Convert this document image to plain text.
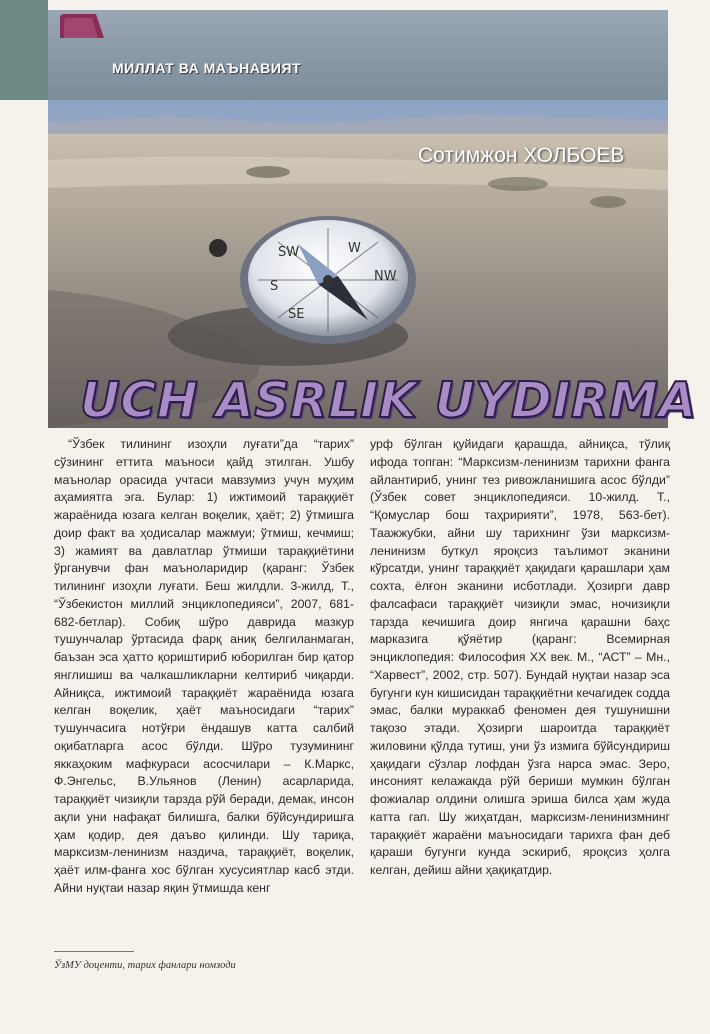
МИЛЛАТ ВА МАЪНАВИЯТ
SW	W
S
SE
NW
Сотимжон ХОЛБОЕВ
UCH ASRLIK UYDIRMA

“Ўзбек тилининг изоҳли луғати”да “тарих” сўзининг еттита маъноси қайд этилган. Ушбу маънолар орасида учтаси мавзумиз учун муҳим аҳамиятга эга. Булар: 1) ижтимоий тараққиёт жараёнида юзага келган воқелик, ҳаёт; 2) ўтмишга доир факт ва ҳодисалар мажмуи; ўтмиш, кечмиш; 3) жамият ва давлатлар ўтмиши тараққиётини ўрганувчи фан маъноларидир (қаранг: Ўзбек тилининг изоҳли луғати. Беш жилдли. 3-жилд, Т., “Ўзбекистон миллий энциклопедияси”, 2007, 681-682-бетлар). Собиқ шўро даврида мазкур тушунчалар ўртасида фарқ аниқ белгиланмаган, баъзан эса ҳатто қориштириб юборилган бир қатор янглишиш ва чалкашликларни келтириб чиқарди. Айниқса, ижтимоий тараққиёт жараёнида юзага келган воқелик, ҳаёт маъносидаги “тарих” тушунчасига нотўғри ёндашув катта салбий оқибатларга асос бўлди. Шўро тузумининг яккаҳоким мафкураси асосчилари – К.Маркс, Ф.Энгельс, В.Ульянов (Ленин) асарларида, тараққиёт чизиқли тарзда рўй беради, демак, инсон ақли уни нафақат билишга, балки бўйсундиришга ҳам қодир, дея даъво қилинди. Шу тариқа, марксизм-ленинизм наздича, тараққиёт, воқелик, ҳаёт илм-фанга хос бўлган хусусиятлар касб этди. Айни нуқтаи назар яқин ўтмишда кенг

урф бўлган қуйидаги қарашда, айниқса, тўлиқ ифода топган: “Марксизм-ленинизм тарихни фанга айлантириб, унинг тез ривожланишига асос бўлди” (Ўзбек совет энциклопедияси. 10-жилд. Т., “Қомуслар бош таҳририяти”, 1978, 563-бет). Таажжубки, айни шу тарихнинг ўзи марксизм-ленинизм буткул яроқсиз таълимот эканини кўрсатди, унинг тараққиёт ҳақидаги қарашлари ҳам сохта, ёлғон эканини исботлади. Ҳозирги давр фалсафаси тараққиёт чизиқли эмас, ночизиқли тарзда кечишига доир янгича қарашни баҳс марказига қўяётир (қаранг: Всемирная энциклопедия: Философия XX век. М., “АСТ” – Мн., “Харвест”, 2002, стр. 507). Бундай нуқтаи назар эса бугунги кун кишисидан тараққиётни кечагидек содда эмас, балки мураккаб феномен дея тушунишни тақозо этади. Ҳозирги шароитда тараққиёт жиловини қўлда тутиш, уни ўз измига бўйсундириш ҳақидаги сўзлар лофдан ўзга нарса эмас. Зеро, инсоният келажакда рўй бериши мумкин бўлган фожиалар олдини олишга эриша билса ҳам жуда катта гап. Шу жиҳатдан, марксизм-ленинизмнинг тараққиёт жараёни маъносидаги тарихга фан деб қараши бугунги кунда эскириб, яроқсиз ҳолга келган, дейиш айни ҳақиқатдир.

ЎзМУ доценти, тарих фанлари номзоди
